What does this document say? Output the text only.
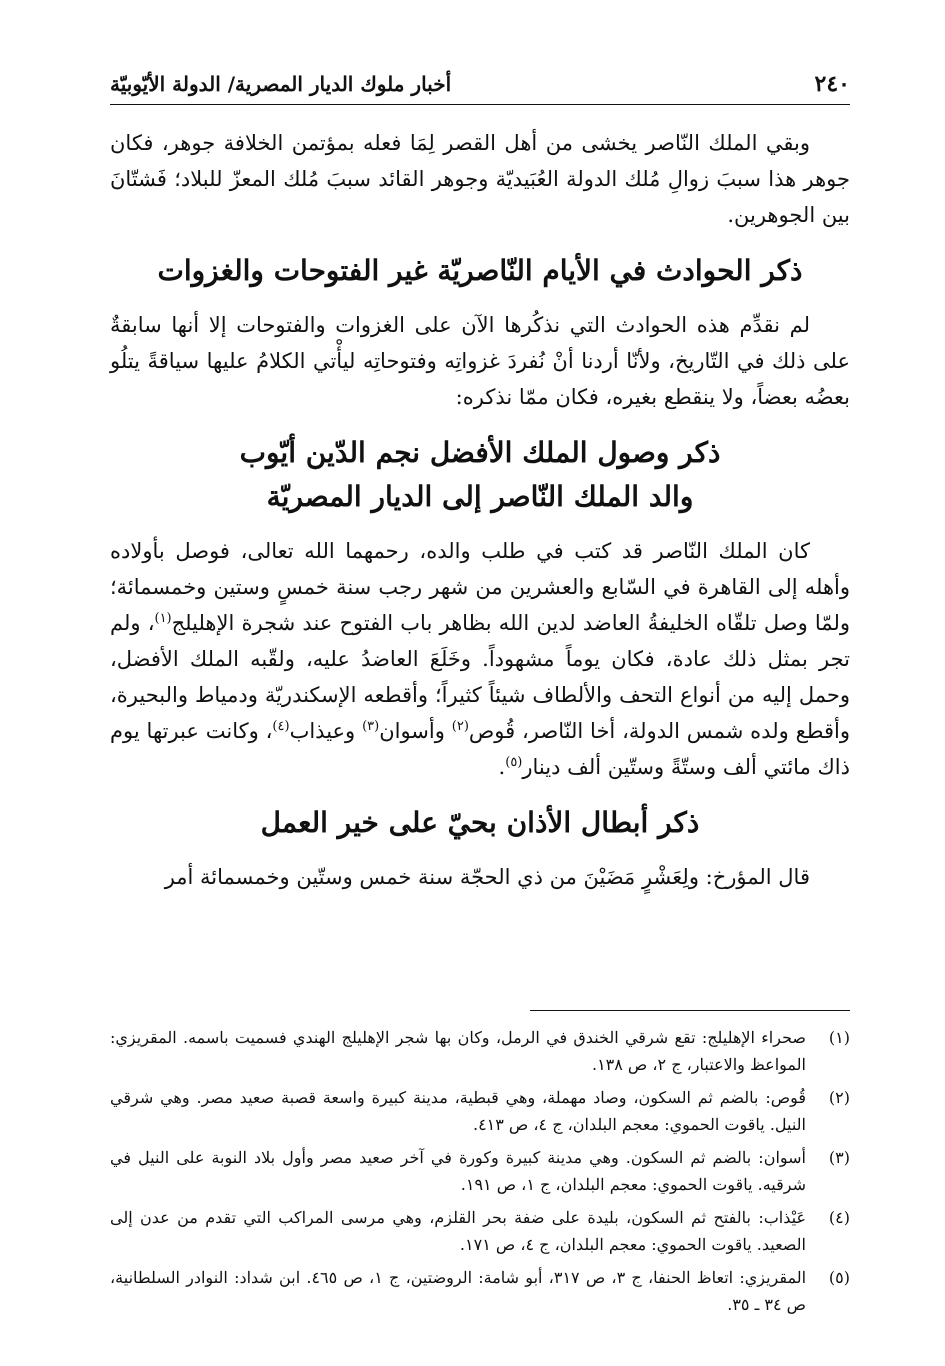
٢٤٠
أخبار ملوك الديار المصرية/ الدولة الأيّوبيّة

وبقي الملك النّاصر يخشى من أهل القصر لِمَا فعله بمؤتمن الخلافة جوهر، فكان جوهر هذا سببَ زوالِ مُلك الدولة العُبَيديّة وجوهر القائد سببَ مُلك المعزّ للبلاد؛ فَشتّانَ بين الجوهرين.

ذكر الحوادث في الأيام النّاصريّة غير الفتوحات والغزوات

لم نقدِّم هذه الحوادث التي نذكُرها الآن على الغزوات والفتوحات إلا أنها سابقةٌ على ذلك في التّاريخ، ولأنّا أردنا أنْ نُفردَ غزواتِه وفتوحاتِه ليأْتي الكلامُ عليها سياقةً يتلُو بعضُه بعضاً، ولا ينقطع بغيره، فكان ممّا نذكره:

ذكر وصول الملك الأفضل نجم الدّين أيّوب
والد الملك النّاصر إلى الديار المصريّة

كان الملك النّاصر قد كتب في طلب والده، رحمهما الله تعالى، فوصل بأولاده وأهله إلى القاهرة في السّابع والعشرين من شهر رجب سنة خمسٍ وستين وخمسمائة؛ ولمّا وصل تلقّاه الخليفةُ العاضد لدين الله بظاهر باب الفتوح عند شجرة الإهليلج$^{(١)}$، ولم تجر بمثل ذلك عادة، فكان يوماً مشهوداً. وخَلَعَ العاضدُ عليه، ولقّبه الملك الأفضل، وحمل إليه من أنواع التحف والألطاف شيئاً كثيراً؛ وأقطعه الإسكندريّة ودمياط والبحيرة، وأقطع ولده شمس الدولة، أخا النّاصر، قُوص$^{(٢)}$ وأسوان$^{(٣)}$ وعيذاب$^{(٤)}$، وكانت عبرتها يوم ذاك مائتي ألف وستّةً وستّين ألف دينار$^{(٥)}$.

ذكر أبطال الأذان بحيّ على خير العمل

قال المؤرخ: ولِعَشْرٍ مَضَيْنَ من ذي الحجّة سنة خمس وستّين وخمسمائة أمر

(١)
صحراء الإهليلج: تقع شرقي الخندق في الرمل، وكان بها شجر الإهليلج الهندي فسميت باسمه. المقريزي: المواعظ والاعتبار، ج ٢، ص ١٣٨.
(٢)
قُوص: بالضم ثم السكون، وصاد مهملة، وهي قبطية، مدينة كبيرة واسعة قصبة صعيد مصر. وهي شرقي النيل. ياقوت الحموي: معجم البلدان، ج ٤، ص ٤١٣.
(٣)
أسوان: بالضم ثم السكون. وهي مدينة كبيرة وكورة في آخر صعيد مصر وأول بلاد النوبة على النيل في شرقيه. ياقوت الحموي: معجم البلدان، ج ١، ص ١٩١.
(٤)
عَيْذاب: بالفتح ثم السكون، بليدة على ضفة بحر القلزم، وهي مرسى المراكب التي تقدم من عدن إلى الصعيد. ياقوت الحموي: معجم البلدان، ج ٤، ص ١٧١.
(٥)
المقريزي: اتعاظ الحنفا، ج ٣، ص ٣١٧، أبو شامة: الروضتين، ج ١، ص ٤٦٥. ابن شداد: النوادر السلطانية، ص ٣٤ ـ ٣٥.
